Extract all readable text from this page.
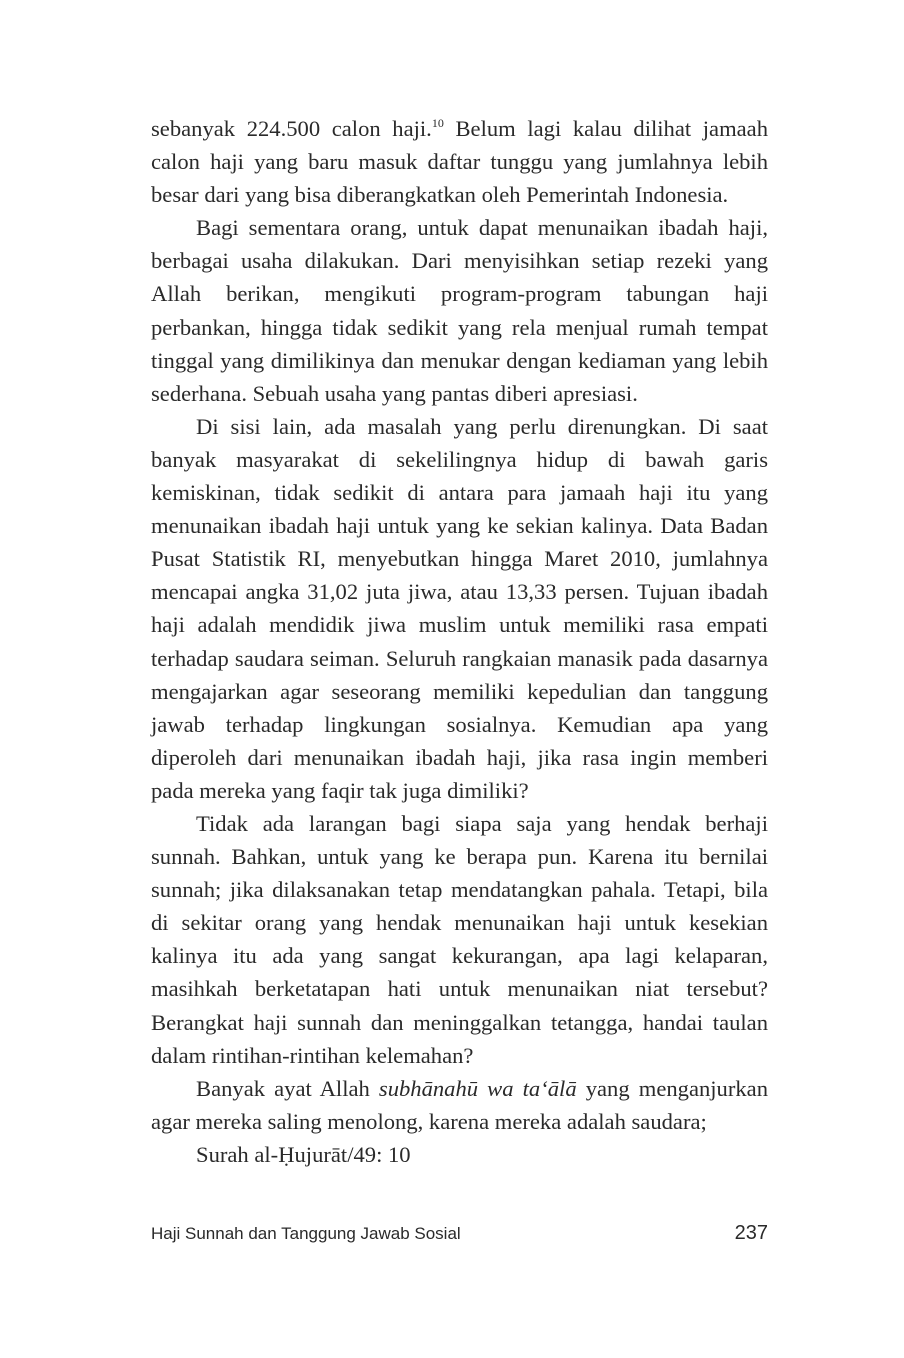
sebanyak 224.500 calon haji.$^{10}$ Belum lagi kalau dilihat jamaah calon haji yang baru masuk daftar tunggu yang jumlahnya lebih besar dari yang bisa diberangkatkan oleh Pemerintah Indonesia.

Bagi sementara orang, untuk dapat menunaikan ibadah haji, berbagai usaha dilakukan. Dari menyisihkan setiap rezeki yang Allah berikan, mengikuti program-program tabungan haji perbankan, hingga tidak sedikit yang rela menjual rumah tempat tinggal yang dimilikinya dan menukar dengan kediaman yang lebih sederhana. Sebuah usaha yang pantas diberi apresiasi.

Di sisi lain, ada masalah yang perlu direnungkan. Di saat banyak masyarakat di sekelilingnya hidup di bawah garis kemiskinan, tidak sedikit di antara para jamaah haji itu yang menunaikan ibadah haji untuk yang ke sekian kalinya. Data Badan Pusat Statistik RI, menyebutkan hingga Maret 2010, jumlahnya mencapai angka 31,02 juta jiwa, atau 13,33 persen. Tujuan ibadah haji adalah mendidik jiwa muslim untuk memiliki rasa empati terhadap saudara seiman. Seluruh rangkaian manasik pada dasarnya mengajarkan agar seseorang memiliki kepedulian dan tanggung jawab terhadap lingkungan sosialnya. Kemudian apa yang diperoleh dari menunaikan ibadah haji, jika rasa ingin memberi pada mereka yang faqir tak juga dimiliki?

Tidak ada larangan bagi siapa saja yang hendak berhaji sunnah. Bahkan, untuk yang ke berapa pun. Karena itu bernilai sunnah; jika dilaksanakan tetap mendatangkan pahala. Tetapi, bila di sekitar orang yang hendak menunaikan haji untuk kesekian kalinya itu ada yang sangat kekurangan, apa lagi kelaparan, masihkah berketatapan hati untuk menunaikan niat tersebut? Berangkat haji sunnah dan meninggalkan tetangga, handai taulan dalam rintihan-rintihan kelemahan?

Banyak ayat Allah subhānahū wa ta‘ālā yang menganjurkan agar mereka saling menolong, karena mereka adalah saudara;

Surah al-Ḥujurāt/49: 10

Haji Sunnah dan Tanggung Jawab Sosial	237
